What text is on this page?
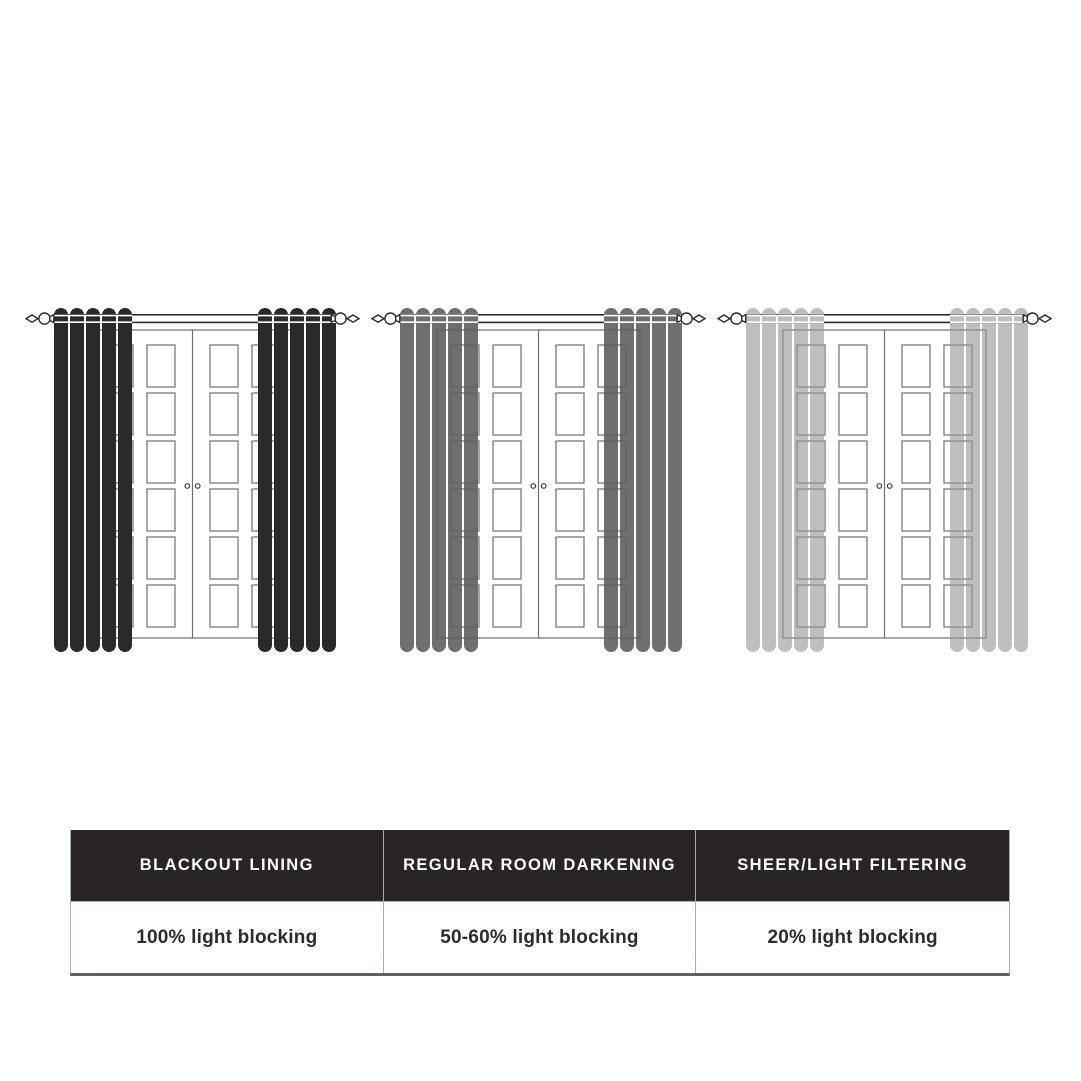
BLACKOUT LINING
100% light blocking
REGULAR ROOM DARKENING
50-60% light blocking
SHEER/LIGHT FILTERING
20% light blocking
